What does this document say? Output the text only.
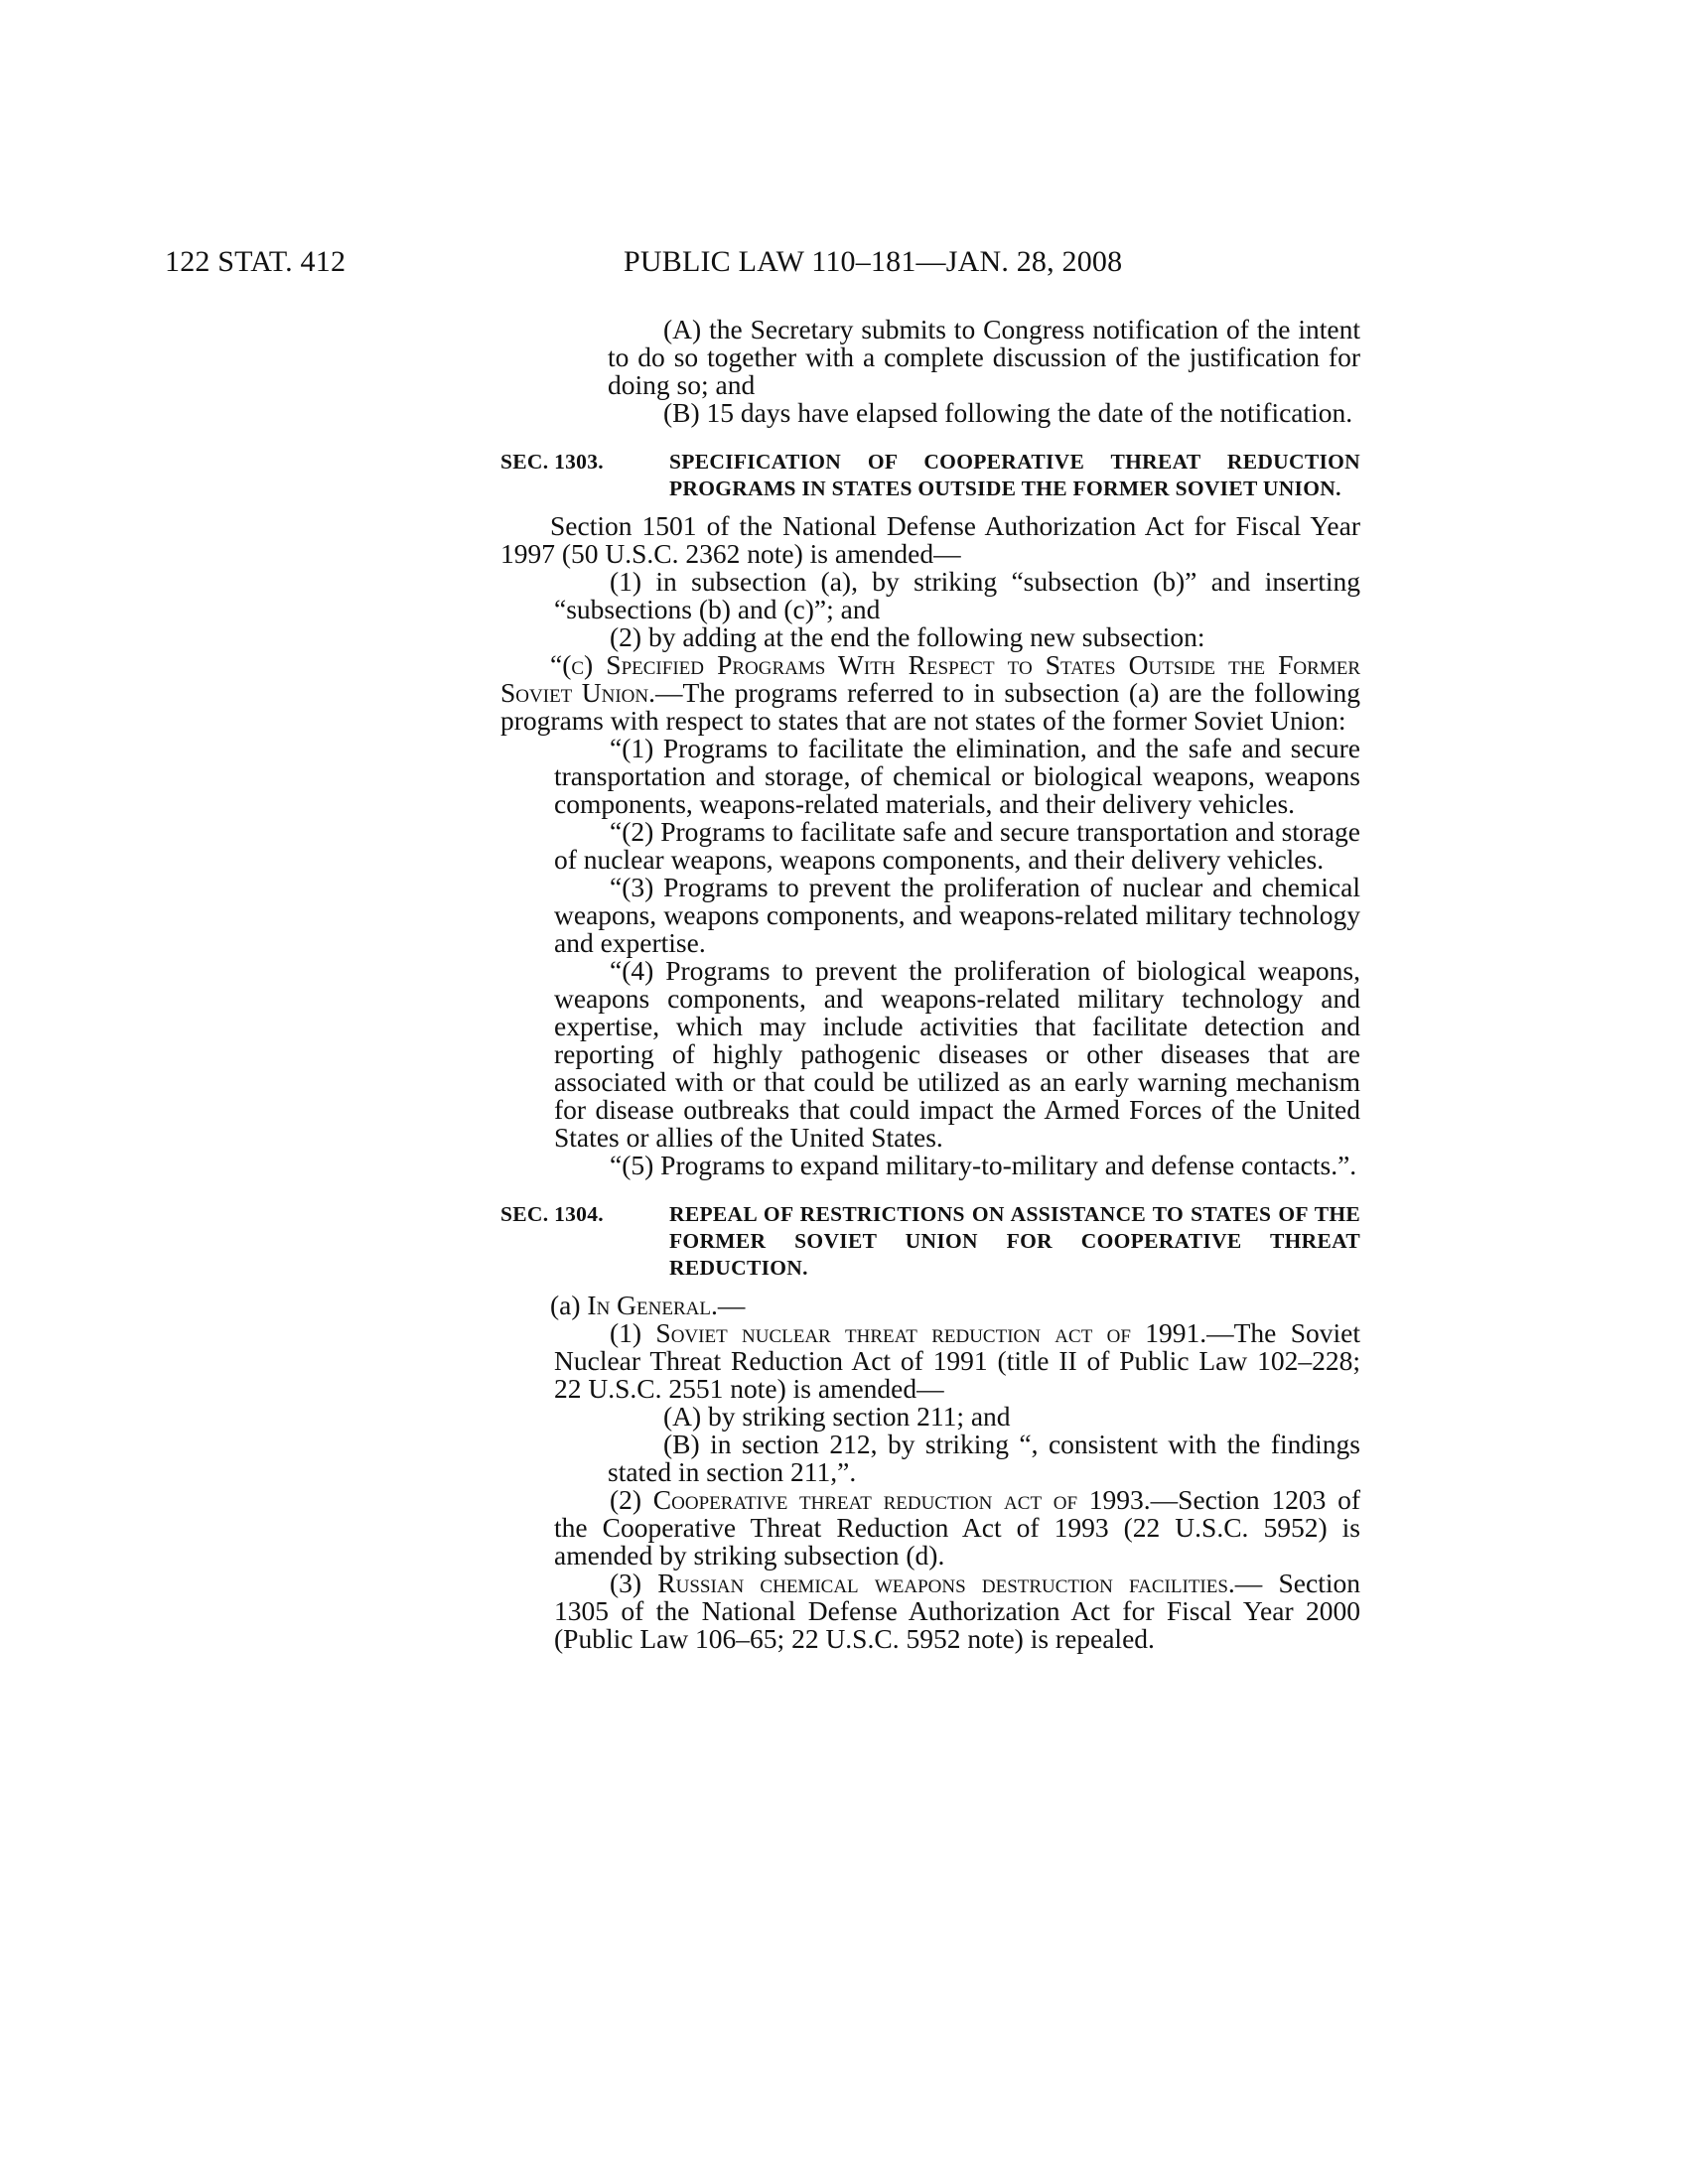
122 STAT. 412	PUBLIC LAW 110–181—JAN. 28, 2008

(A) the Secretary submits to Congress notification of the intent to do so together with a complete discussion of the justification for doing so; and

(B) 15 days have elapsed following the date of the notification.

SEC. 1303.	SPECIFICATION OF COOPERATIVE THREAT REDUCTION PROGRAMS IN STATES OUTSIDE THE FORMER SOVIET UNION.

Section 1501 of the National Defense Authorization Act for Fiscal Year 1997 (50 U.S.C. 2362 note) is amended—

(1) in subsection (a), by striking “subsection (b)” and inserting “subsections (b) and (c)”; and

(2) by adding at the end the following new subsection:

“(c) Specified Programs With Respect to States Outside the Former Soviet Union.—The programs referred to in subsection (a) are the following programs with respect to states that are not states of the former Soviet Union:

“(1) Programs to facilitate the elimination, and the safe and secure transportation and storage, of chemical or biological weapons, weapons components, weapons-related materials, and their delivery vehicles.

“(2) Programs to facilitate safe and secure transportation and storage of nuclear weapons, weapons components, and their delivery vehicles.

“(3) Programs to prevent the proliferation of nuclear and chemical weapons, weapons components, and weapons-related military technology and expertise.

“(4) Programs to prevent the proliferation of biological weapons, weapons components, and weapons-related military technology and expertise, which may include activities that facilitate detection and reporting of highly pathogenic diseases or other diseases that are associated with or that could be utilized as an early warning mechanism for disease outbreaks that could impact the Armed Forces of the United States or allies of the United States.

“(5) Programs to expand military-to-military and defense contacts.”.

SEC. 1304.	REPEAL OF RESTRICTIONS ON ASSISTANCE TO STATES OF THE FORMER SOVIET UNION FOR COOPERATIVE THREAT REDUCTION.

(a) In General.—

(1) Soviet nuclear threat reduction act of 1991.—The Soviet Nuclear Threat Reduction Act of 1991 (title II of Public Law 102–228; 22 U.S.C. 2551 note) is amended—

(A) by striking section 211; and

(B) in section 212, by striking “, consistent with the findings stated in section 211,”.

(2) Cooperative threat reduction act of 1993.—Section 1203 of the Cooperative Threat Reduction Act of 1993 (22 U.S.C. 5952) is amended by striking subsection (d).

(3) Russian chemical weapons destruction facilities.— Section 1305 of the National Defense Authorization Act for Fiscal Year 2000 (Public Law 106–65; 22 U.S.C. 5952 note) is repealed.
